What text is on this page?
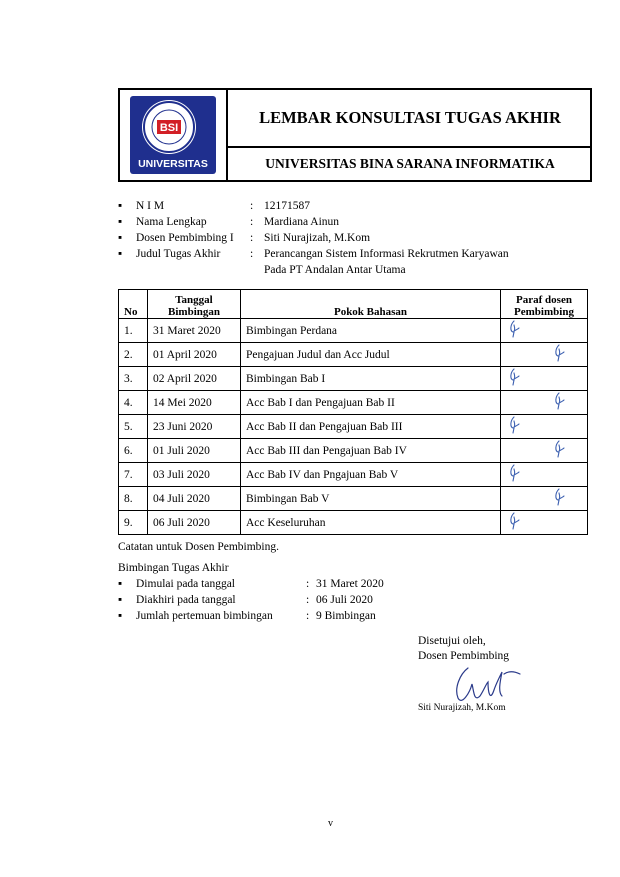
BSI
UNIVERSITAS
LEMBAR KONSULTASI TUGAS AKHIR
UNIVERSITAS BINA SARANA INFORMATIKA
▪	N I M	: 12171587
▪	Nama Lengkap	: Mardiana Ainun
▪	Dosen Pembimbing I	: Siti Nurajizah, M.Kom
▪	Judul Tugas Akhir	: Perancangan Sistem Informasi Rekrutmen Karyawan
Pada PT Andalan Antar Utama
No	Tanggal Bimbingan	Pokok Bahasan	Paraf dosen Pembimbing
1.	31 Maret 2020	Bimbingan Perdana	
2.	01 April 2020	Pengajuan Judul dan Acc Judul	
3.	02 April 2020	Bimbingan Bab I	
4.	14 Mei 2020	Acc Bab I dan Pengajuan Bab II	
5.	23 Juni 2020	Acc Bab II dan Pengajuan Bab III	
6.	01 Juli 2020	Acc Bab III dan Pengajuan Bab IV	
7.	03 Juli 2020	Acc Bab IV dan Pngajuan Bab V	
8.	04 Juli 2020	Bimbingan Bab V	
9.	06 Juli 2020	Acc Keseluruhan	
Catatan untuk Dosen Pembimbing.
Bimbingan Tugas Akhir
▪	Dimulai pada tanggal	: 31 Maret 2020
▪	Diakhiri pada tanggal	: 06 Juli 2020
▪	Jumlah pertemuan bimbingan	: 9 Bimbingan
Disetujui oleh,
Dosen Pembimbing
Siti Nurajizah, M.Kom
v
